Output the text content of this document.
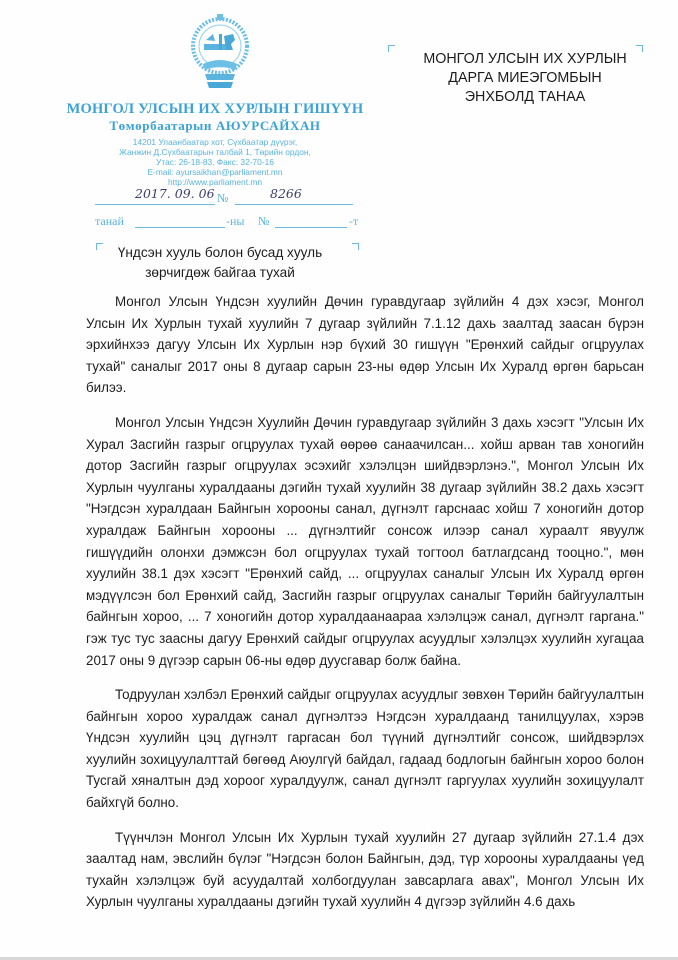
МОНГОЛ УЛСЫН ИХ ХУРЛЫН ГИШҮҮН
Төмөрбаатарын АЮУРСАЙХАН
14201 Улаанбаатар хот, Сүхбаатар дүүрэг,
Жанжин Д.Сүхбаатарын талбай 1, Төрийн ордон,
Утас: 26-18-83, Факс: 32-70-16
E-mail: ayursaikhan@parliament.mn
http://www.parliament.mn
2017. 09. 06 №	8266
танай	-ны №	-т
МОНГОЛ УЛСЫН ИХ ХУРЛЫН
ДАРГА МИЕЭГОМБЫН
ЭНХБОЛД ТАНАА
Үндсэн хууль болон бусад хууль
зөрчигдөж байгаа тухай

Монгол Улсын Үндсэн хуулийн Дөчин гуравдугаар зүйлийн 4 дэх хэсэг, Монгол Улсын Их Хурлын тухай хуулийн 7 дугаар зүйлийн 7.1.12 дахь заалтад заасан бүрэн эрхийнхээ дагуу Улсын Их Хурлын нэр бүхий 30 гишүүн "Ерөнхий сайдыг огцруулах тухай" саналыг 2017 оны 8 дугаар сарын 23-ны өдөр Улсын Их Хуралд өргөн барьсан билээ.

Монгол Улсын Үндсэн Хуулийн Дөчин гуравдугаар зүйлийн 3 дахь хэсэгт "Улсын Их Хурал Засгийн газрыг огцруулах тухай өөрөө санаачилсан... хойш арван тав хоногийн дотор Засгийн газрыг огцруулах эсэхийг хэлэлцэн шийдвэрлэнэ.", Монгол Улсын Их Хурлын чуулганы хуралдааны дэгийн тухай хуулийн 38 дугаар зүйлийн 38.2 дахь хэсэгт "Нэгдсэн хуралдаан Байнгын хорооны санал, дүгнэлт гарснаас хойш 7 хоногийн дотор хуралдаж Байнгын хорооны ... дүгнэлтийг сонсож илээр санал хураалт явуулж гишүүдийн олонхи дэмжсэн бол огцруулах тухай тогтоол батлагдсанд тооцно.", мөн хуулийн 38.1 дэх хэсэгт "Ерөнхий сайд, ... огцруулах саналыг Улсын Их Хуралд өргөн мэдүүлсэн бол Ерөнхий сайд, Засгийн газрыг огцруулах саналыг Төрийн байгуулалтын байнгын хороо, ... 7 хоногийн дотор хуралдаанаараа хэлэлцэж санал, дүгнэлт гаргана." гэж тус тус заасны дагуу Ерөнхий сайдыг огцруулах асуудлыг хэлэлцэх хуулийн хугацаа 2017 оны 9 дүгээр сарын 06-ны өдөр дуусгавар болж байна.

Тодруулан хэлбэл Ерөнхий сайдыг огцруулах асуудлыг зөвхөн Төрийн байгуулалтын байнгын хороо хуралдаж санал дүгнэлтээ Нэгдсэн хуралдаанд танилцуулах, хэрэв Үндсэн хуулийн цэц дүгнэлт гаргасан бол түүний дүгнэлтийг сонсож, шийдвэрлэх хуулийн зохицуулалттай бөгөөд Аюулгүй байдал, гадаад бодлогын байнгын хороо болон Тусгай хяналтын дэд хороог хуралдуулж, санал дүгнэлт гаргуулах хуулийн зохицуулалт байхгүй болно.

Түүнчлэн Монгол Улсын Их Хурлын тухай хуулийн 27 дугаар зүйлийн 27.1.4 дэх заалтад нам, эвслийн бүлэг "Нэгдсэн болон Байнгын, дэд, түр хорооны хуралдааны үед тухайн хэлэлцэж буй асуудалтай холбогдуулан завсарлага авах", Монгол Улсын Их Хурлын чуулганы хуралдааны дэгийн тухай хуулийн 4 дүгээр зүйлийн 4.6 дахь
